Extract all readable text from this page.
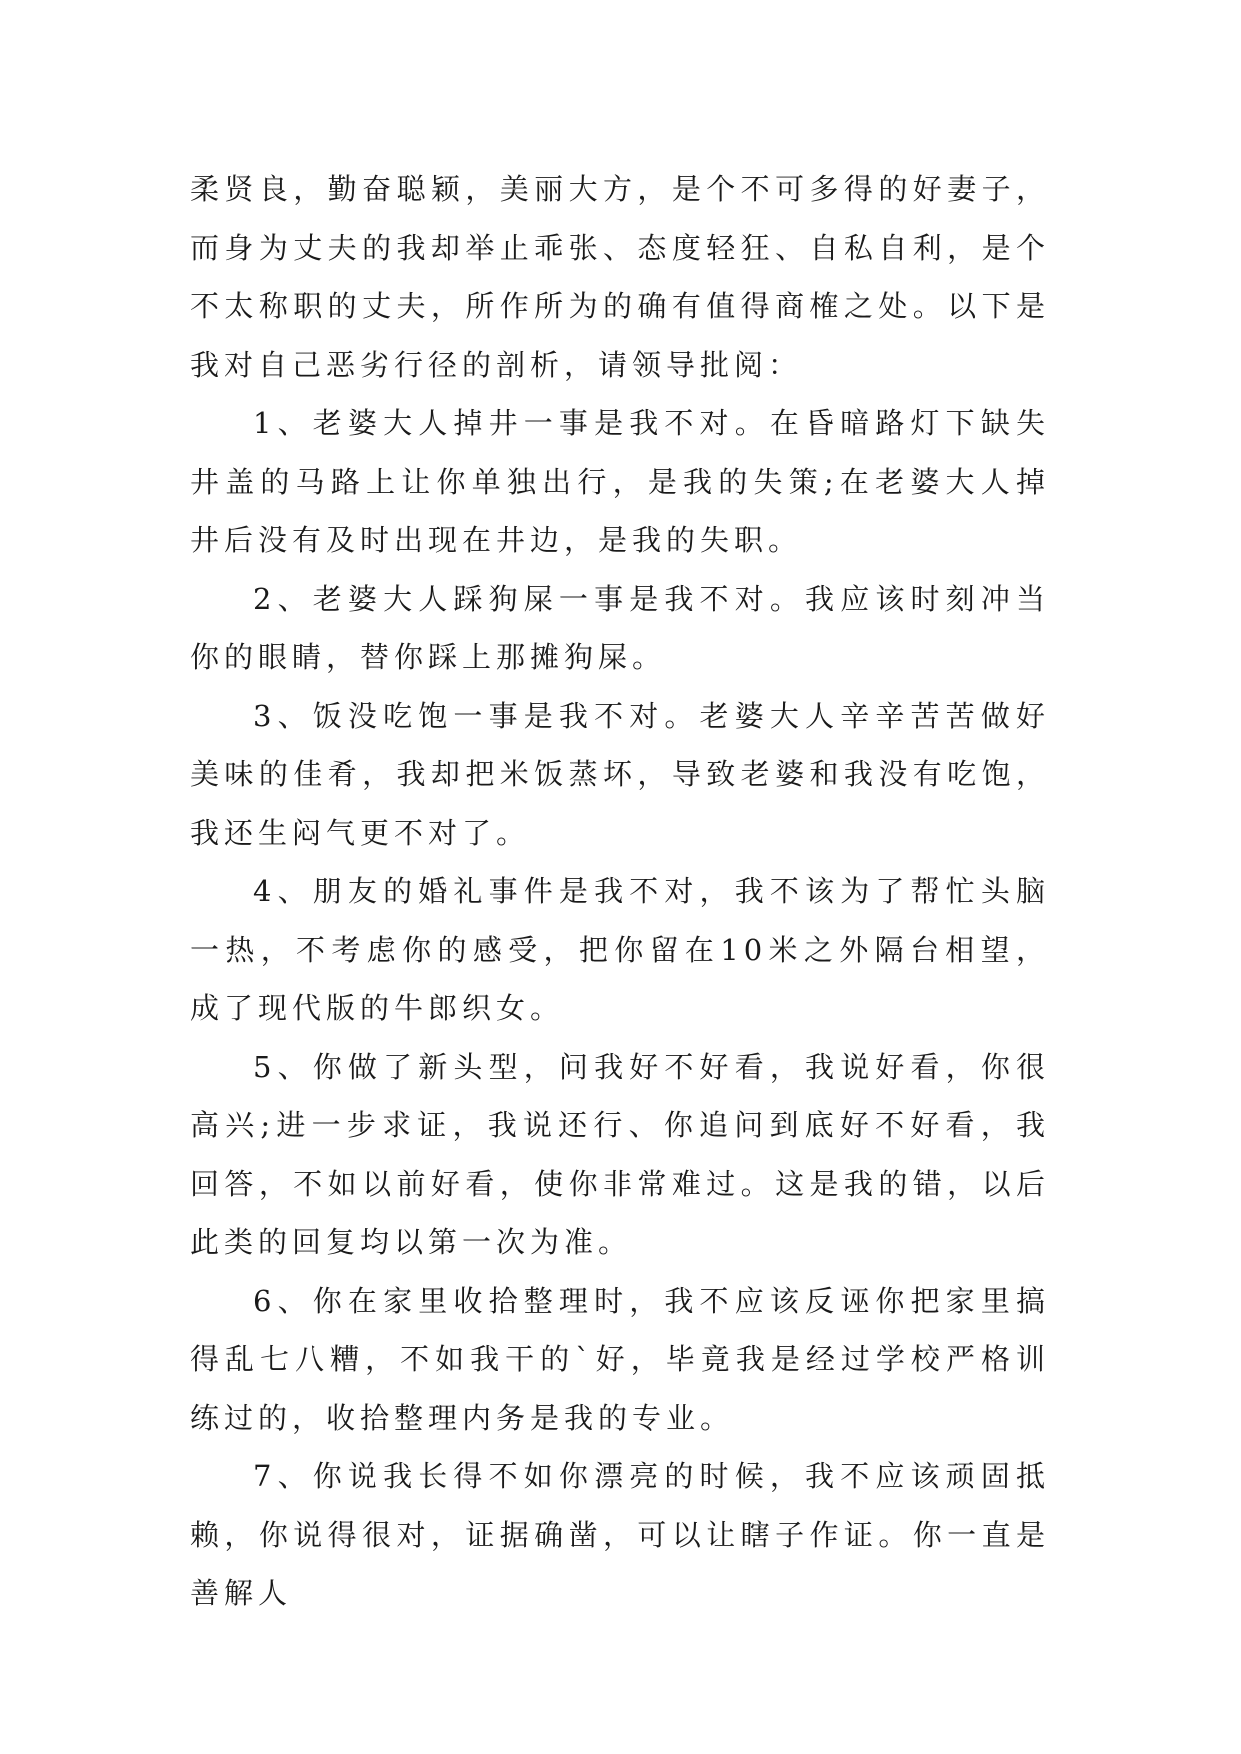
柔贤良，勤奋聪颖，美丽大方，是个不可多得的好妻子，而身为丈夫的我却举止乖张、态度轻狂、自私自利，是个不太称职的丈夫，所作所为的确有值得商榷之处。以下是我对自己恶劣行径的剖析，请领导批阅：

1、老婆大人掉井一事是我不对。在昏暗路灯下缺失井盖的马路上让你单独出行，是我的失策;在老婆大人掉井后没有及时出现在井边，是我的失职。

2、老婆大人踩狗屎一事是我不对。我应该时刻冲当你的眼睛，替你踩上那摊狗屎。

3、饭没吃饱一事是我不对。老婆大人辛辛苦苦做好美味的佳肴，我却把米饭蒸坏，导致老婆和我没有吃饱，我还生闷气更不对了。

4、朋友的婚礼事件是我不对，我不该为了帮忙头脑一热，不考虑你的感受，把你留在10米之外隔台相望，成了现代版的牛郎织女。

5、你做了新头型，问我好不好看，我说好看，你很高兴;进一步求证，我说还行、你追问到底好不好看，我回答，不如以前好看，使你非常难过。这是我的错，以后此类的回复均以第一次为准。

6、你在家里收拾整理时，我不应该反诬你把家里搞得乱七八糟，不如我干的`好，毕竟我是经过学校严格训练过的，收拾整理内务是我的专业。

7、你说我长得不如你漂亮的时候，我不应该顽固抵赖，你说得很对，证据确凿，可以让瞎子作证。你一直是善解人
